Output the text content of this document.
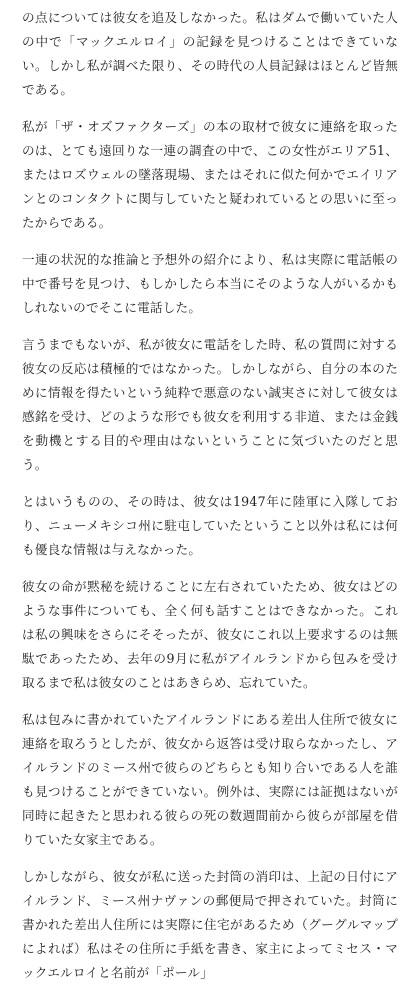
の点については彼女を追及しなかった。私はダムで働いていた人の中で「マックエルロイ」の記録を見つけることはできていない。しかし私が調べた限り、その時代の人員記録はほとんど皆無である。

私が「ザ・オズファクターズ」の本の取材で彼女に連絡を取ったのは、とても遠回りな一連の調査の中で、この女性がエリア51、またはロズウェルの墜落現場、またはそれに似た何かでエイリアンとのコンタクトに関与していたと疑われているとの思いに至ったからである。

一連の状況的な推論と予想外の紹介により、私は実際に電話帳の中で番号を見つけ、もしかしたら本当にそのような人がいるかもしれないのでそこに電話した。

言うまでもないが、私が彼女に電話をした時、私の質問に対する彼女の反応は積極的ではなかった。しかしながら、自分の本のために情報を得たいという純粋で悪意のない誠実さに対して彼女は感銘を受け、どのような形でも彼女を利用する非道、または金銭を動機とする目的や理由はないということに気づいたのだと思う。

とはいうものの、その時は、彼女は1947年に陸軍に入隊しており、ニューメキシコ州に駐屯していたということ以外は私には何も優良な情報は与えなかった。

彼女の命が黙秘を続けることに左右されていたため、彼女はどのような事件についても、全く何も話すことはできなかった。これは私の興味をさらにそそったが、彼女にこれ以上要求するのは無駄であったため、去年の9月に私がアイルランドから包みを受け取るまで私は彼女のことはあきらめ、忘れていた。

私は包みに書かれていたアイルランドにある差出人住所で彼女に連絡を取ろうとしたが、彼女から返答は受け取らなかったし、アイルランドのミース州で彼らのどちらとも知り合いである人を誰も見つけることができていない。例外は、実際には証拠はないが同時に起きたと思われる彼らの死の数週間前から彼らが部屋を借りていた女家主である。

しかしながら、彼女が私に送った封筒の消印は、上記の日付にアイルランド、ミース州ナヴァンの郵便局で押されていた。封筒に書かれた差出人住所には実際に住宅があるため（グーグルマップによれば）私はその住所に手紙を書き、家主によってミセス・マックエルロイと名前が「ポール」
